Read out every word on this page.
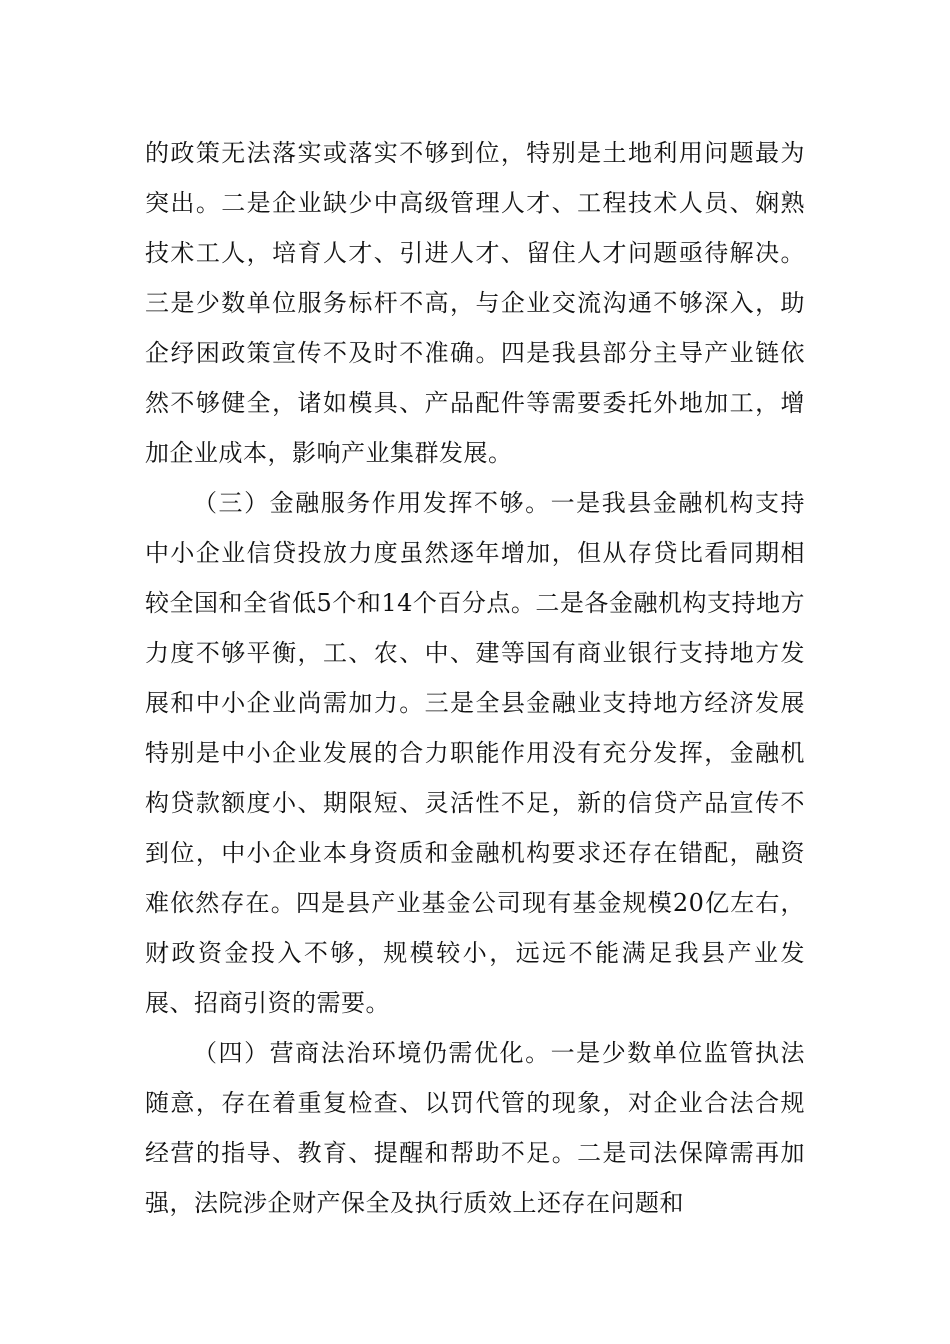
的政策无法落实或落实不够到位，特别是土地利用问题最为突出。二是企业缺少中高级管理人才、工程技术人员、娴熟技术工人，培育人才、引进人才、留住人才问题亟待解决。三是少数单位服务标杆不高，与企业交流沟通不够深入，助企纾困政策宣传不及时不准确。四是我县部分主导产业链依然不够健全，诸如模具、产品配件等需要委托外地加工，增加企业成本，影响产业集群发展。

（三）金融服务作用发挥不够。一是我县金融机构支持中小企业信贷投放力度虽然逐年增加，但从存贷比看同期相较全国和全省低5个和14个百分点。二是各金融机构支持地方力度不够平衡，工、农、中、建等国有商业银行支持地方发展和中小企业尚需加力。三是全县金融业支持地方经济发展特别是中小企业发展的合力职能作用没有充分发挥，金融机构贷款额度小、期限短、灵活性不足，新的信贷产品宣传不到位，中小企业本身资质和金融机构要求还存在错配，融资难依然存在。四是县产业基金公司现有基金规模20亿左右，财政资金投入不够，规模较小，远远不能满足我县产业发展、招商引资的需要。

（四）营商法治环境仍需优化。一是少数单位监管执法随意，存在着重复检查、以罚代管的现象，对企业合法合规经营的指导、教育、提醒和帮助不足。二是司法保障需再加强，法院涉企财产保全及执行质效上还存在问题和
